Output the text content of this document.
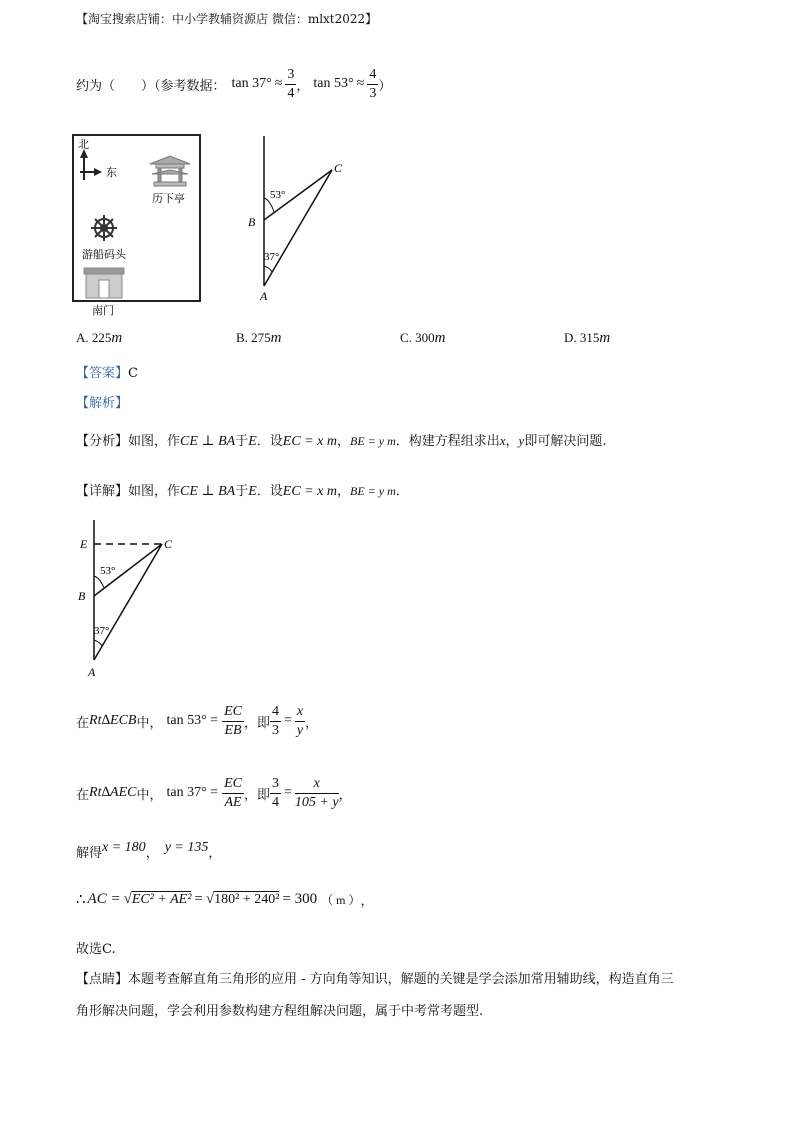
【淘宝搜索店铺：中小学教辅资源店 微信：mlxt2022】
约为（　　）（参考数据： $\tan 37^\circ \approx \frac{3}{4}$ ， $\tan 53^\circ \approx \frac{4}{3}$ ）
北
东
历下亭
游船码头
南门
C
B
A
53°
37°
A. 225m	B. 275m	C. 300m	D. 315m
【答案】C
【解析】
【分析】如图，作CE ⊥ BA于E．设EC = x m，BE = y m．构建方程组求出x，y即可解决问题.
【详解】如图，作CE ⊥ BA于E．设EC = x m，BE = y m．
E	C
B
A
53°
37°
在 Rt∆ECB 中， $\tan 53^\circ = \frac{EC}{EB}$ ，即 $\frac{4}{3} = \frac{x}{y}$ ，
在 Rt∆AEC 中， $\tan 37^\circ = \frac{EC}{AE}$ ，即 $\frac{3}{4} = \frac{x}{105 + y}$ ，
解得x = 180， y = 135，
∴ AC = √ EC² + AE² = √ 180² + 240² = 300 （ m ） ，
故选C.
【点睛】本题考查解直角三角形的应用 - 方向角等知识，解题的关键是学会添加常用辅助线，构造直角三
角形解决问题，学会利用参数构建方程组解决问题，属于中考常考题型.
